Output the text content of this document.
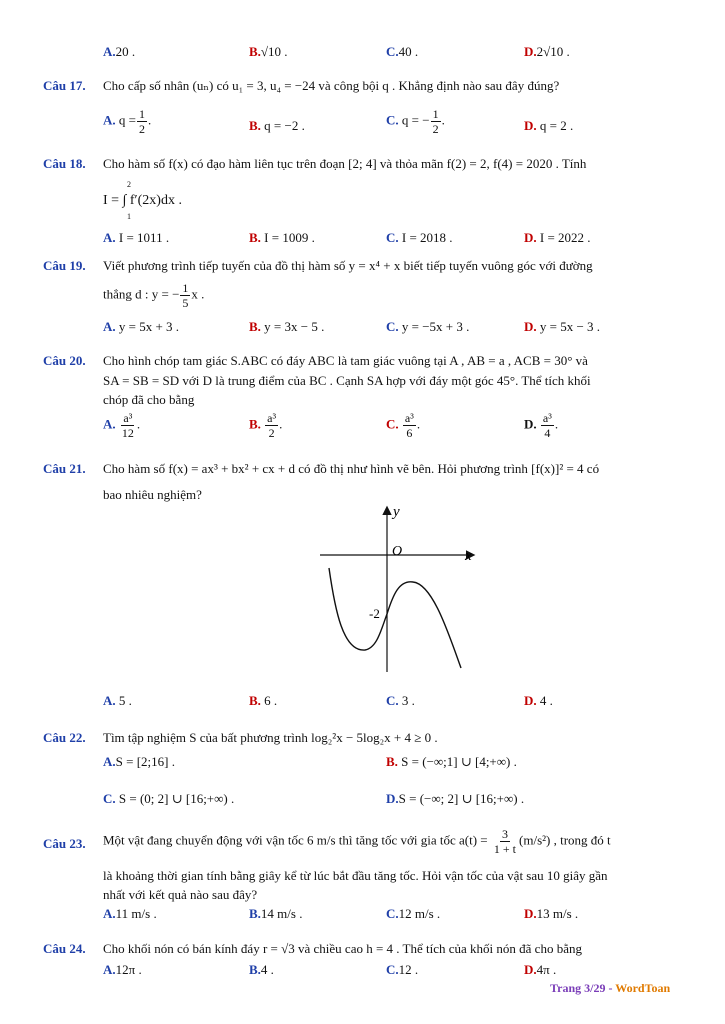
A.20 .	B.√10 .	C.40 .	D.2√10 .
Câu 17. Cho cấp số nhân (uₙ) có u₁ = 3, u₄ = −24 và công bội q . Khẳng định nào sau đây đúng?
A. $q = \frac{1}{2}$ .	B. q = −2 .	C. q = − $\frac{1}{2}$ .	D. q = 2 .
Câu 18. Cho hàm số f(x) có đạo hàm liên tục trên đoạn [2; 4] và thỏa mãn f(2) = 2, f(4) = 2020 . Tính
2
I = ∫ f′(2x)dx .
1
A. I = 1011 .	B. I = 1009 .	C. I = 2018 .	D. I = 2022 .
Câu 19. Viết phương trình tiếp tuyến của đồ thị hàm số y = x⁴ + x biết tiếp tuyến vuông góc với đường
thẳng d : y = − $\frac{1}{5}$ x .
A. y = 5x + 3 .	B. y = 3x − 5 .	C. y = −5x + 3 .	D. y = 5x − 3 .
Câu 20. Cho hình chóp tam giác S.ABC có đáy ABC là tam giác vuông tại A , AB = a , ACB = 30° và
SA = SB = SD với D là trung điểm của BC . Cạnh SA hợp với đáy một góc 45°. Thể tích khối
chóp đã cho bằng
A. $\frac{\text{a³}}{12}$ .	B. $\frac{\text{a³}}{2}$ .	C. $\frac{\text{a³}}{6}$ .	D. $\frac{\text{a³}}{4}$ .
Câu 21. Cho hàm số f(x) = ax³ + bx² + cx + d có đồ thị như hình vẽ bên. Hỏi phương trình [f(x)]² = 4 có
bao nhiêu nghiệm?
y
x
O
-2
A. 5 .	B. 6 .	C. 3 .	D. 4 .
Câu 22. Tìm tập nghiệm S của bất phương trình log₂²x − 5log₂x + 4 ≥ 0 .
A.S = [2;16] .	B. S = (−∞;1] ∪ [4;+∞) .
C. S = (0; 2] ∪ [16;+∞) .	D.S = (−∞; 2] ∪ [16;+∞) .
Câu 23. Một vật đang chuyển động với vận tốc 6 m/s thì tăng tốc với gia tốc $a(t) = \frac{3}{1 + t} (m/s^2)$ , trong đó t
là khoảng thời gian tính bằng giây kể từ lúc bắt đầu tăng tốc. Hỏi vận tốc của vật sau 10 giây gần
nhất với kết quả nào sau đây?
A.11 m/s .	B.14 m/s .	C.12 m/s .	D.13 m/s .
Câu 24. Cho khối nón có bán kính đáy r = √3 và chiều cao h = 4 . Thể tích của khối nón đã cho bằng
A.12π .	B.4 .	C.12 .	D.4π .
Trang 3/29 - WordToan
